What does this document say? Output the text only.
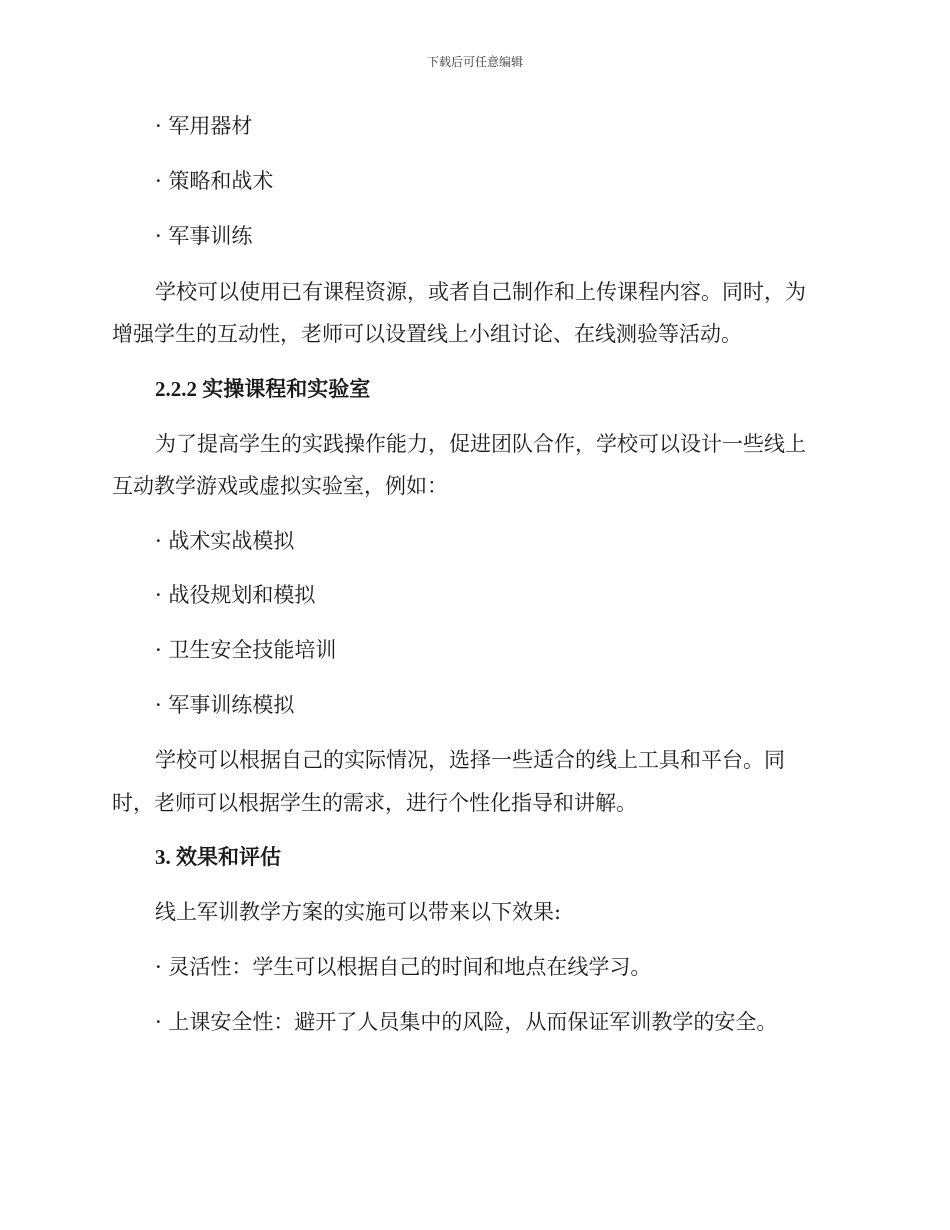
下载后可任意编辑
· 军用器材
· 策略和战术
· 军事训练
学校可以使用已有课程资源，或者自己制作和上传课程内容。同时，为
增强学生的互动性，老师可以设置线上小组讨论、在线测验等活动。
2.2.2 实操课程和实验室
为了提高学生的实践操作能力，促进团队合作，学校可以设计一些线上
互动教学游戏或虚拟实验室，例如：
· 战术实战模拟
· 战役规划和模拟
· 卫生安全技能培训
· 军事训练模拟
学校可以根据自己的实际情况，选择一些适合的线上工具和平台。同
时，老师可以根据学生的需求，进行个性化指导和讲解。
3. 效果和评估
线上军训教学方案的实施可以带来以下效果:
· 灵活性：学生可以根据自己的时间和地点在线学习。
· 上课安全性：避开了人员集中的风险，从而保证军训教学的安全。
